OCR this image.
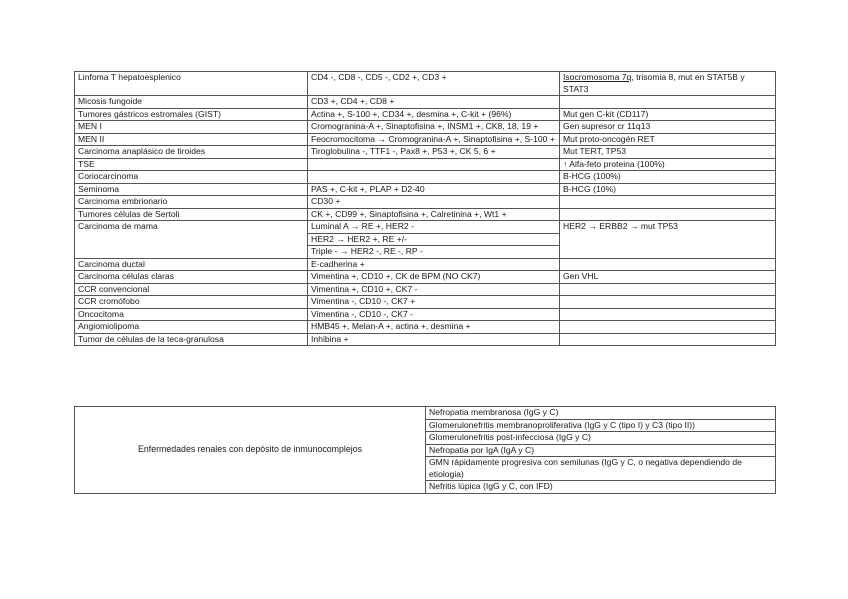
Linfoma T hepatoesplenico	CD4 -, CD8 -, CD5 -, CD2 +, CD3 +	Isocromosoma 7q, trisomia 8, mut en STAT5B y STAT3
Micosis fungoide	CD3 +, CD4 +, CD8 +	
Tumores gástricos estromales (GIST)	Actina +, S-100 +, CD34 +, desmina +, C-kit + (96%)	Mut gen C-kit (CD117)
MEN I	Cromogranina-A +, Sinaptofisina +, INSM1 +, CK8, 18, 19 +	Gen supresor cr 11q13
MEN II	Feocromocitoma → Cromogranina-A +, Sinaptofisina +, S-100 +	Mut proto-oncogén RET
Carcinoma anaplásico de tiroides	Tiroglobulina -, TTF1 -, Pax8 +, P53 +, CK 5, 6 +	Mut TERT, TP53
TSE		↑ Alfa-feto proteina (100%)
Coriocarcinoma		B-HCG (100%)
Seminoma	PAS +, C-kit +, PLAP + D2-40	B-HCG (10%)
Carcinoma embrionario	CD30 +	
Tumores células de Sertoli	CK +, CD99 +, Sinaptofisina +, Calretinina +, Wt1 +	
Carcinoma de mama	Luminal A → RE +, HER2 -	HER2 → ERBB2 → mut TP53
	HER2 → HER2 +, RE +/-	
	Triple - → HER2 -, RE -, RP -	
Carcinoma ductal	E-cadherina +	
Carcinoma células claras	Vimentina +, CD10 +, CK de BPM (NO CK7)	Gen VHL
CCR convencional	Vimentina +, CD10 +, CK7 -	
CCR cromófobo	Vimentina -, CD10 -, CK7 +	
Oncocitoma	Vimentina -, CD10 -, CK7 -	
Angiomiolipoma	HMB45 +, Melan-A +, actina +, desmina +	
Tumor de células de la teca-granulosa	Inhibina +	
Enfermedades renales con depósito de inmunocomplejos	Nefropatia membranosa (IgG y C)
Glomerulonefritis membranoproliferativa (IgG y C (tipo I) y C3 (tipo II))
Glomerulonefritis post-infecciosa (IgG y C)
Nefropatia por IgA (IgA y C)
GMN rápidamente progresiva con semilunas (IgG y C, o negativa dependiendo de etiologia)
Nefritis lúpica (IgG y C, con IFD)
